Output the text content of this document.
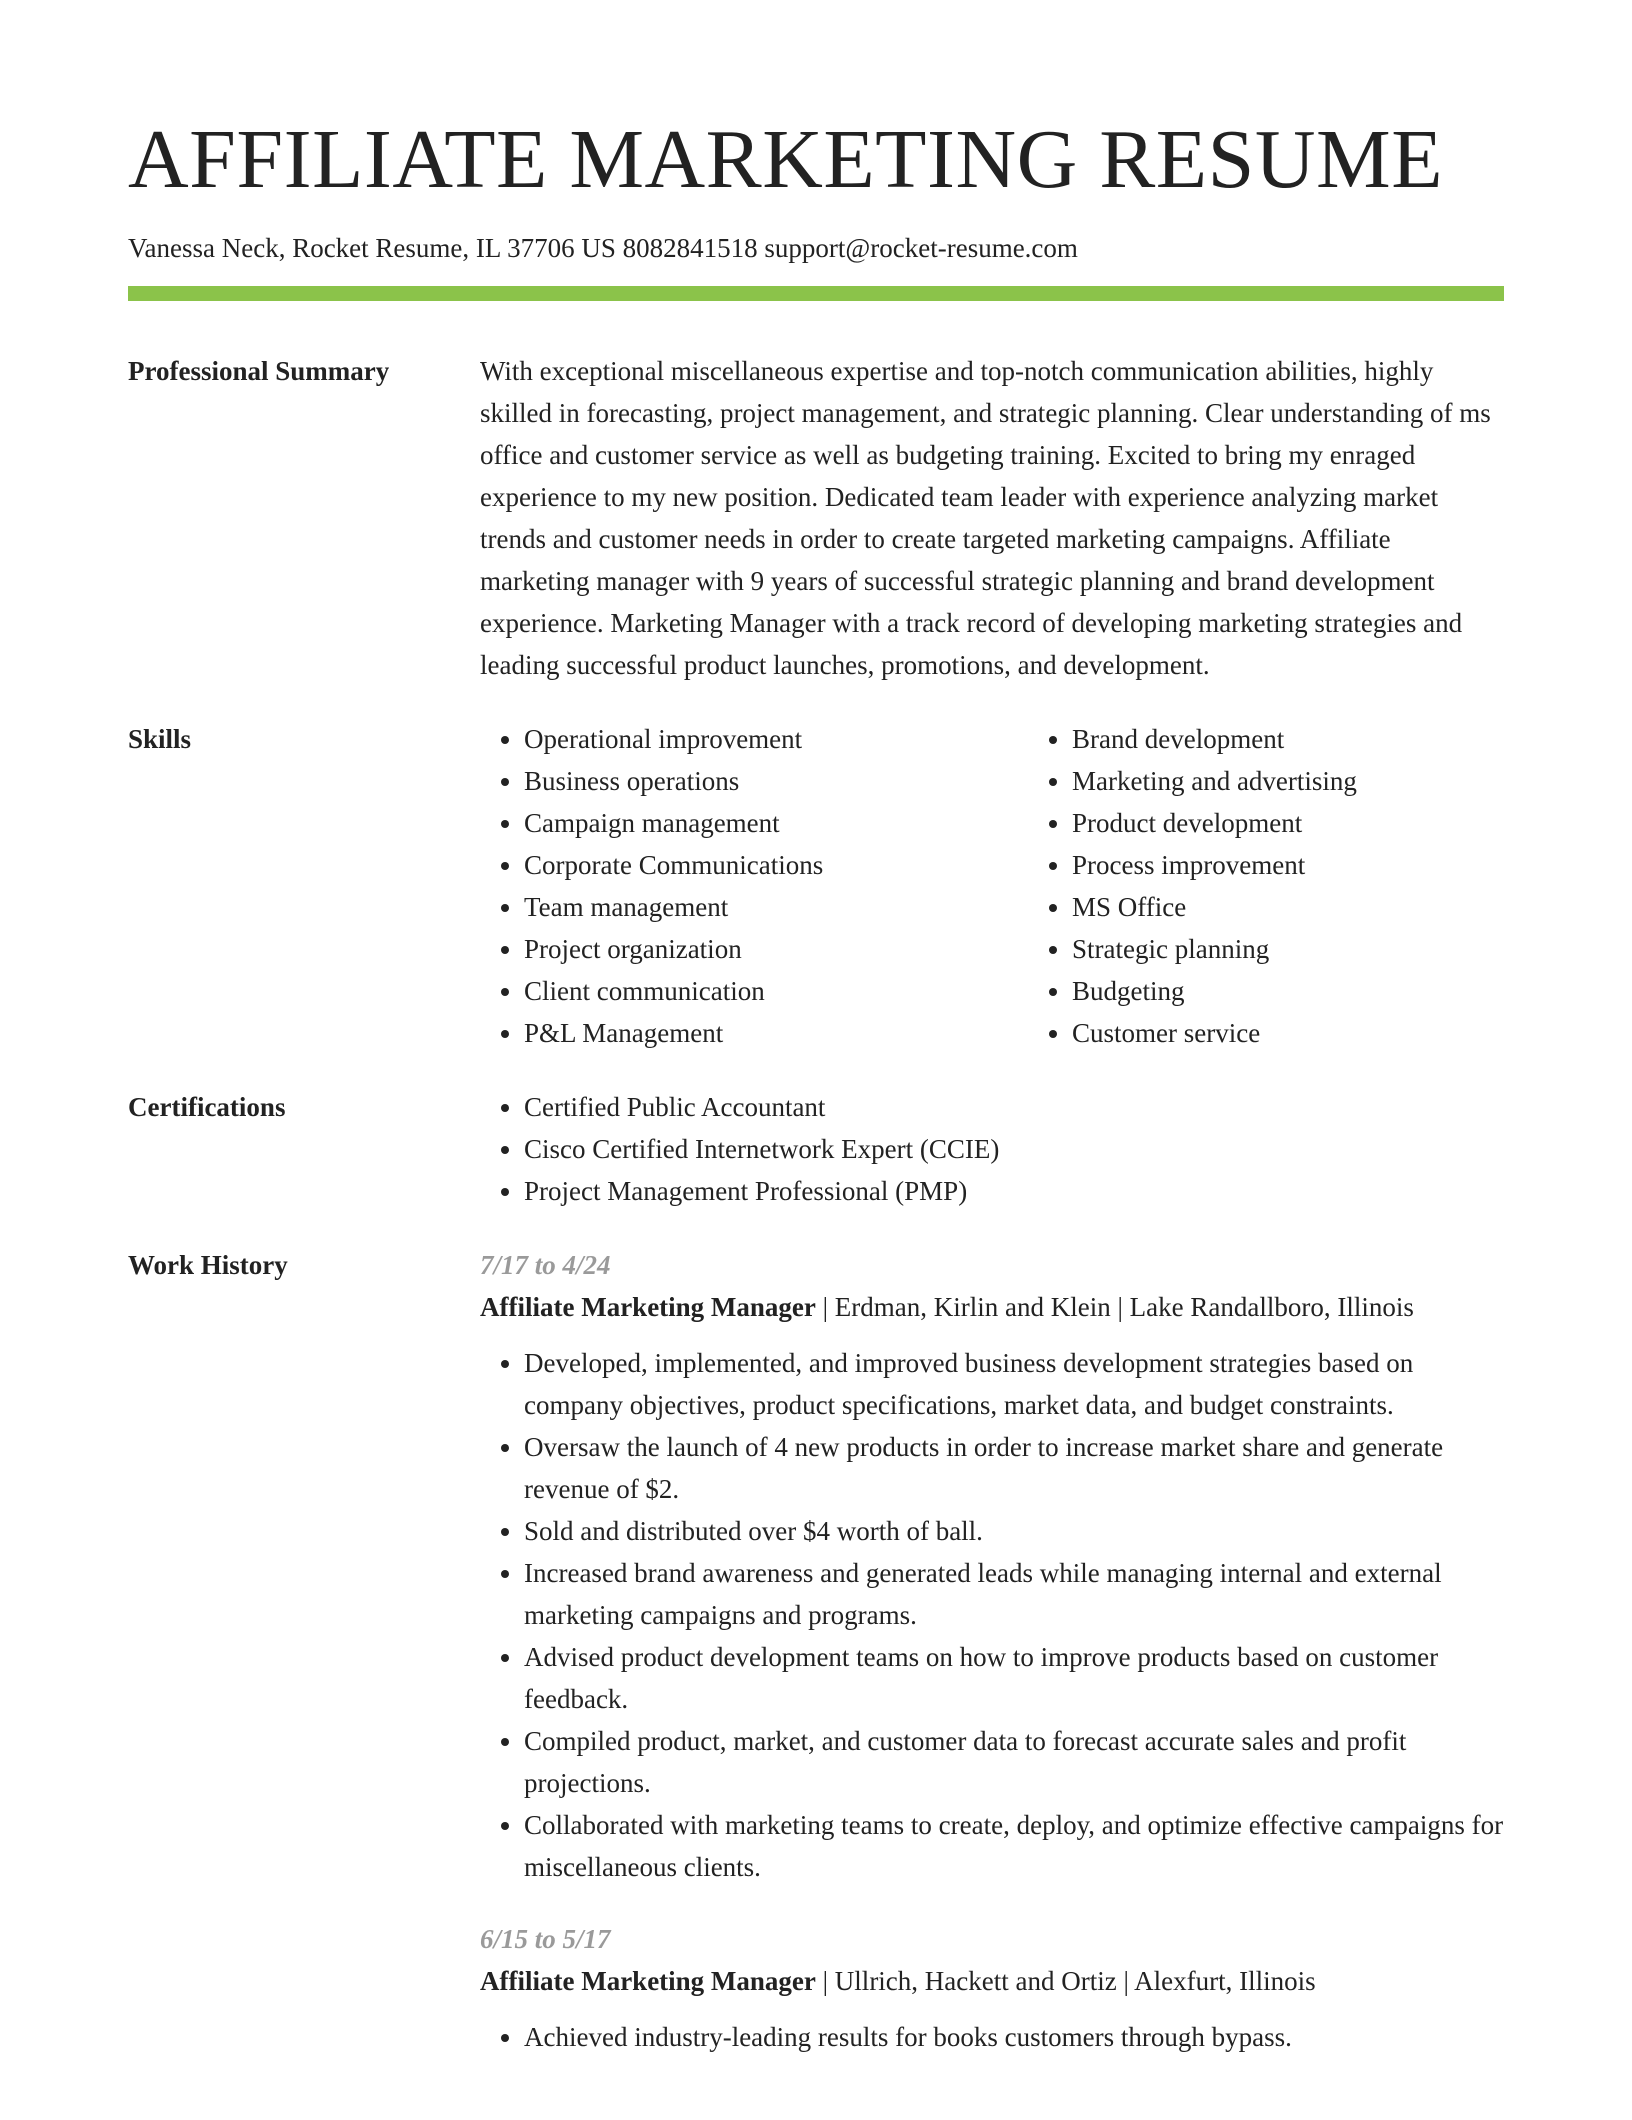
AFFILIATE MARKETING RESUME
Vanessa Neck, Rocket Resume, IL 37706 US 8082841518 support@rocket-resume.com
Professional Summary	With exceptional miscellaneous expertise and top-notch communication abilities, highly skilled in forecasting, project management, and strategic planning. Clear understanding of ms office and customer service as well as budgeting training. Excited to bring my enraged experience to my new position. Dedicated team leader with experience analyzing market trends and customer needs in order to create targeted marketing campaigns. Affiliate marketing manager with 9 years of successful strategic planning and brand development experience. Marketing Manager with a track record of developing marketing strategies and leading successful product launches, promotions, and development.

Skills	• Operational improvement
• Business operations
• Campaign management
• Corporate Communications
• Team management
• Project organization
• Client communication
• P&L Management
• Brand development
• Marketing and advertising
• Product development
• Process improvement
• MS Office
• Strategic planning
• Budgeting
• Customer service
Certifications	• Certified Public Accountant
• Cisco Certified Internetwork Expert (CCIE)
• Project Management Professional (PMP)
Work History	7/17 to 4/24
Affiliate Marketing Manager | Erdman, Kirlin and Klein | Lake Randallboro, Illinois
• Developed, implemented, and improved business development strategies based on company objectives, product specifications, market data, and budget constraints.
• Oversaw the launch of 4 new products in order to increase market share and generate revenue of $2.
• Sold and distributed over $4 worth of ball.
• Increased brand awareness and generated leads while managing internal and external marketing campaigns and programs.
• Advised product development teams on how to improve products based on customer feedback.
• Compiled product, market, and customer data to forecast accurate sales and profit projections.
• Collaborated with marketing teams to create, deploy, and optimize effective campaigns for miscellaneous clients.
6/15 to 5/17
Affiliate Marketing Manager | Ullrich, Hackett and Ortiz | Alexfurt, Illinois
• Achieved industry-leading results for books customers through bypass.
